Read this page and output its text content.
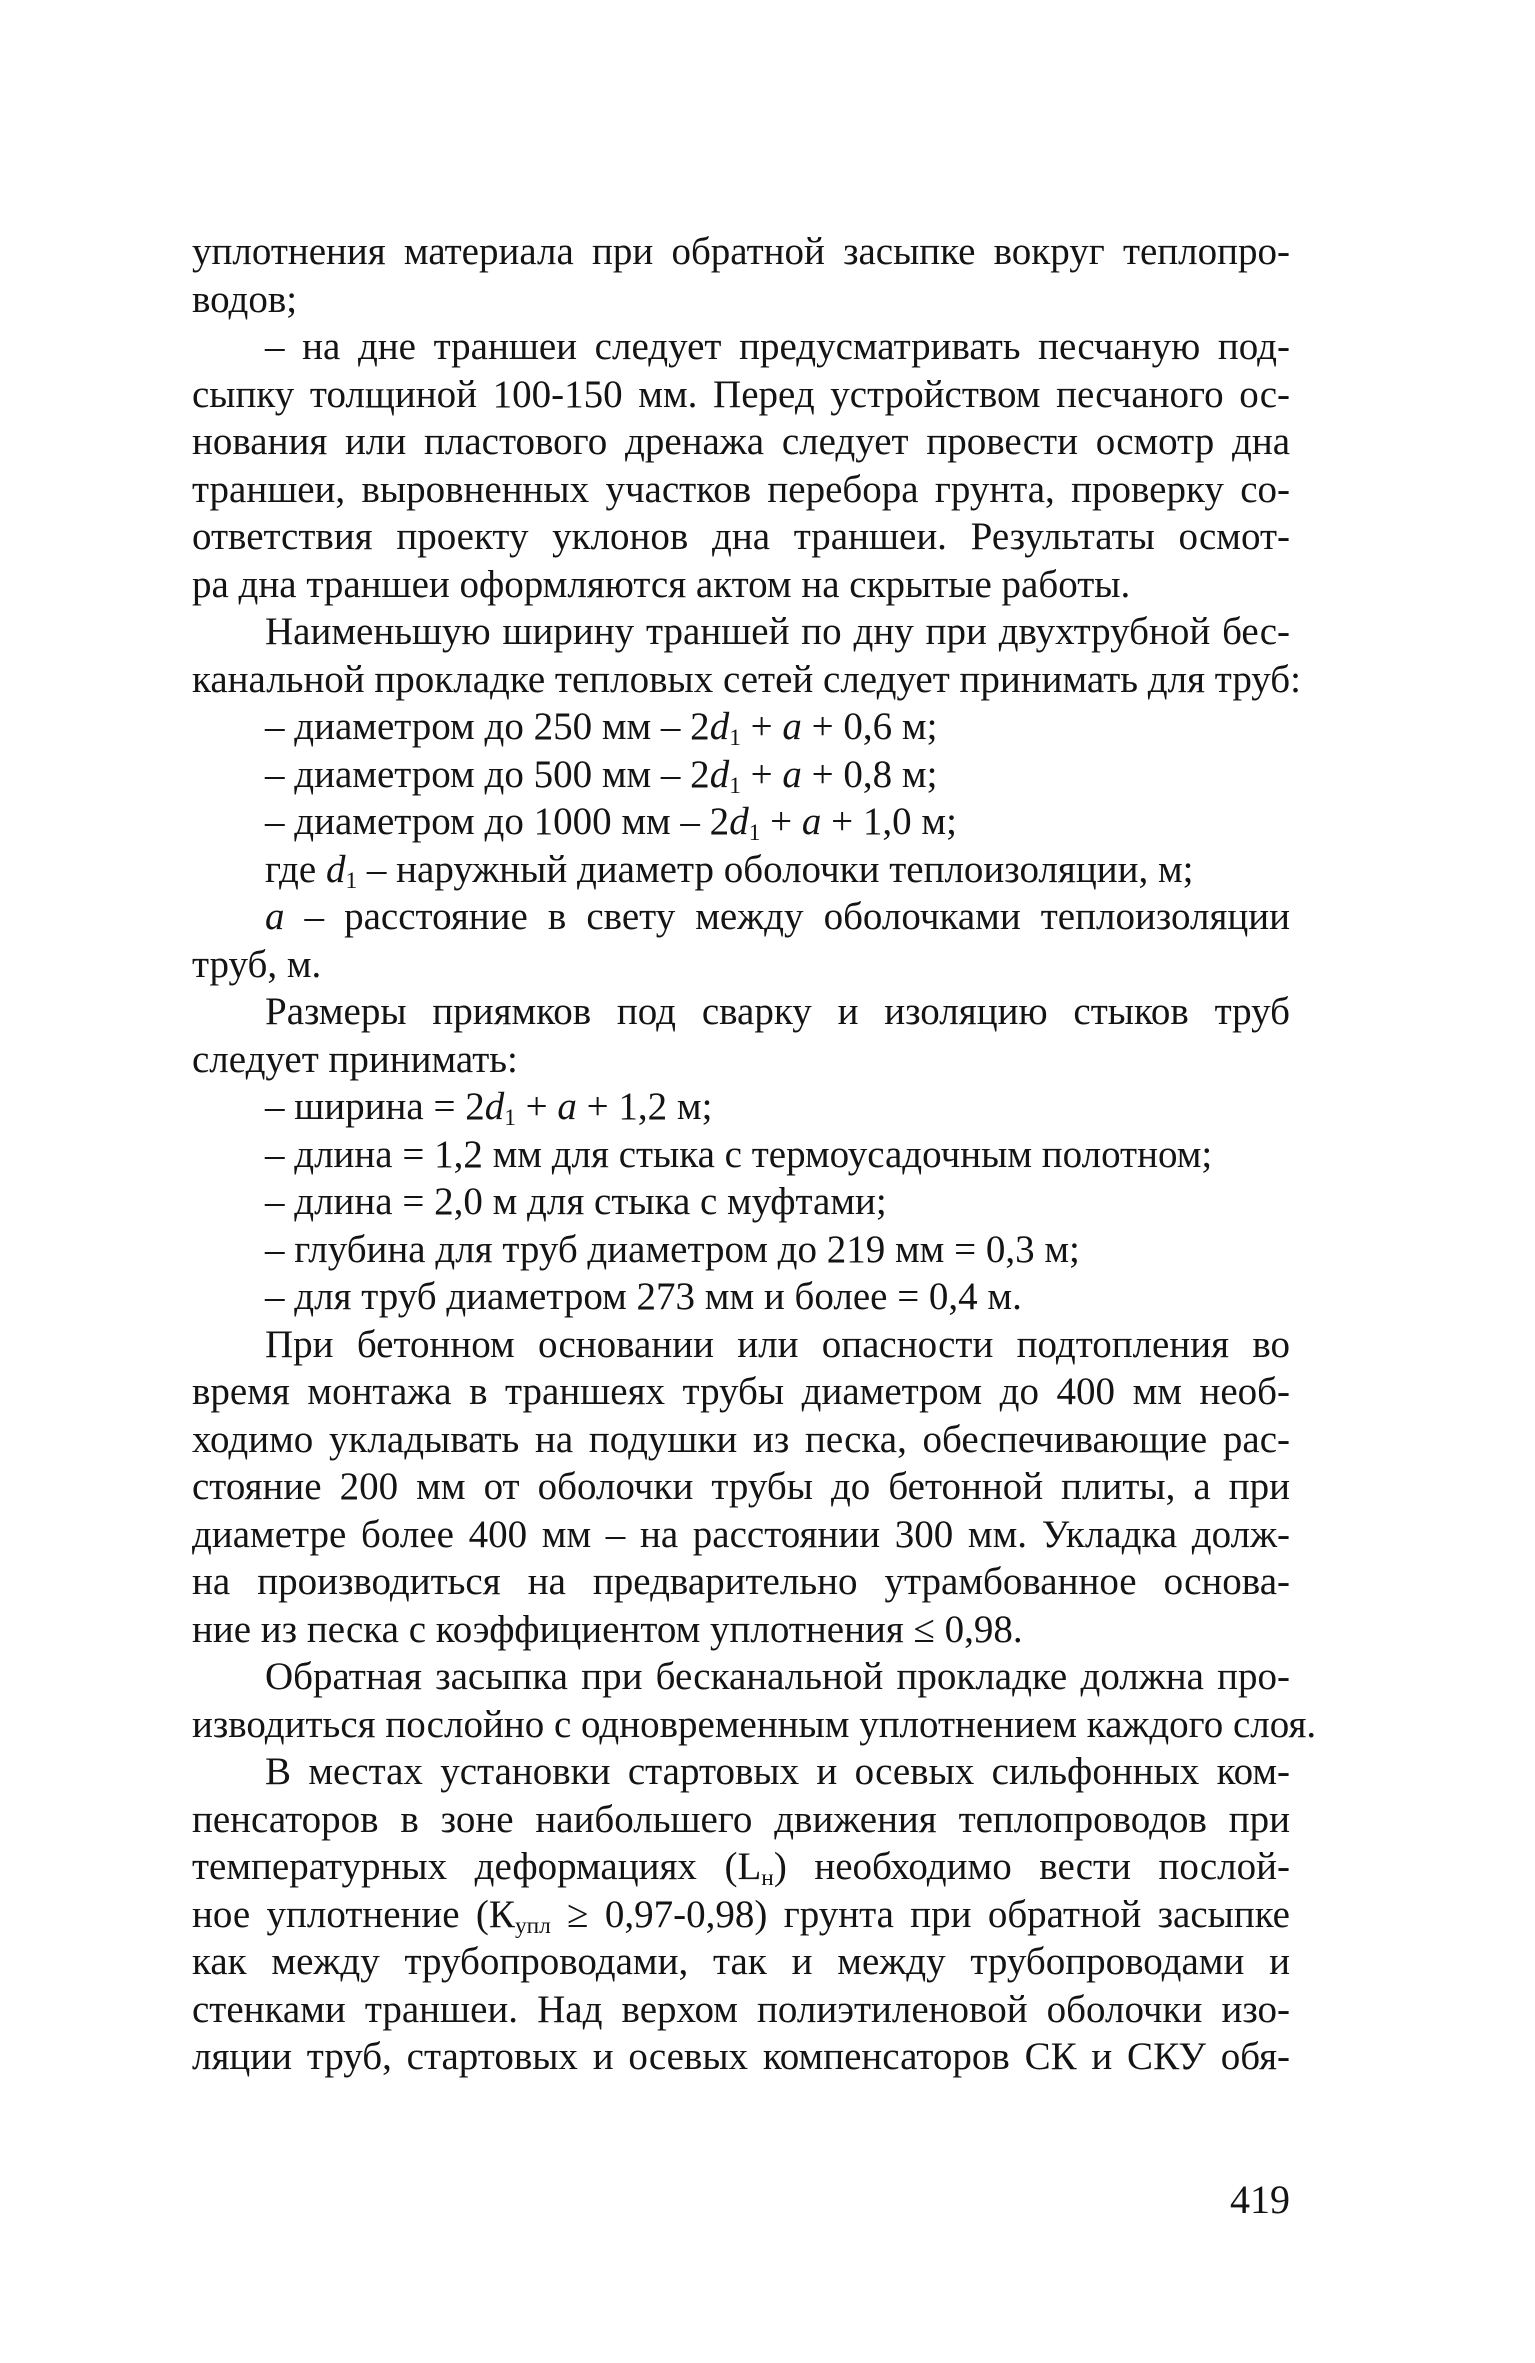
уплотнения материала при обратной засыпке вокруг теплопро-
водов;
– на дне траншеи следует предусматривать песчаную под-
сыпку толщиной 100-150 мм. Перед устройством песчаного ос-
нования или пластового дренажа следует провести осмотр дна
траншеи, выровненных участков перебора грунта, проверку со-
ответствия проекту уклонов дна траншеи. Результаты осмот-
ра дна траншеи оформляются актом на скрытые работы.
Наименьшую ширину траншей по дну при двухтрубной бес-
канальной прокладке тепловых сетей следует принимать для труб:
– диаметром до 250 мм – $2d_1 + a + 0,6$ м;
– диаметром до 500 мм – $2d_1 + a + 0,8$ м;
– диаметром до 1000 мм – $2d_1 + a + 1,0$ м;
где $d_1$ – наружный диаметр оболочки теплоизоляции, м;
a – расстояние в свету между оболочками теплоизоляции
труб, м.
Размеры приямков под сварку и изоляцию стыков труб
следует принимать:
– ширина = $2d_1 + a + 1,2$ м;
– длина = 1,2 мм для стыка с термоусадочным полотном;
– длина = 2,0 м для стыка с муфтами;
– глубина для труб диаметром до 219 мм = 0,3 м;
– для труб диаметром 273 мм и более = 0,4 м.
При бетонном основании или опасности подтопления во
время монтажа в траншеях трубы диаметром до 400 мм необ-
ходимо укладывать на подушки из песка, обеспечивающие рас-
стояние 200 мм от оболочки трубы до бетонной плиты, а при
диаметре более 400 мм – на расстоянии 300 мм. Укладка долж-
на производиться на предварительно утрамбованное основа-
ние из песка с коэффициентом уплотнения ≤ 0,98.
Обратная засыпка при бесканальной прокладке должна про-
изводиться послойно с одновременным уплотнением каждого слоя.
В местах установки стартовых и осевых сильфонных ком-
пенсаторов в зоне наибольшего движения теплопроводов при
температурных деформациях $(L_н)$ необходимо вести послой-
ное уплотнение $(К_{упл} \ge 0,97-0,98)$ грунта при обратной засыпке
как между трубопроводами, так и между трубопроводами и
стенками траншеи. Над верхом полиэтиленовой оболочки изо-
ляции труб, стартовых и осевых компенсаторов СК и СКУ обя-
419
